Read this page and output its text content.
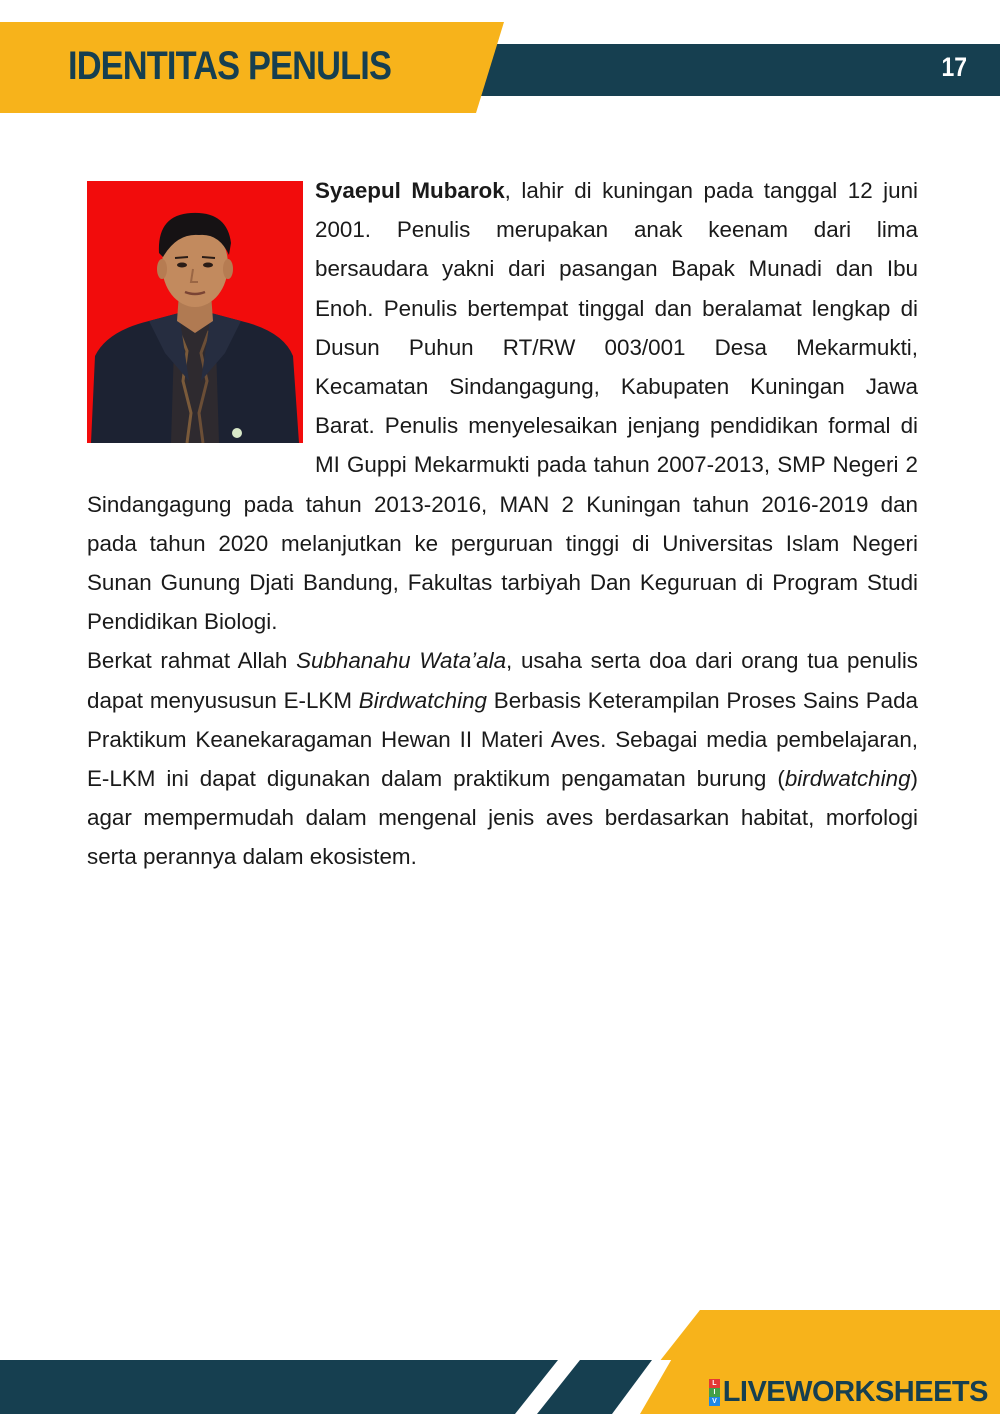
IDENTITAS PENULIS	17

Syaepul Mubarok, lahir di kuningan pada tanggal 12 juni 2001. Penulis merupakan anak keenam dari lima bersaudara yakni dari pasangan Bapak Munadi dan Ibu Enoh. Penulis bertempat tinggal dan beralamat lengkap di Dusun Puhun RT/RW 003/001 Desa Mekarmukti, Kecamatan Sindangagung, Kabupaten Kuningan Jawa Barat. Penulis menyelesaikan jenjang pendidikan formal di MI Guppi Mekarmukti pada tahun 2007-2013, SMP Negeri 2 Sindangagung pada tahun 2013-2016, MAN 2 Kuningan tahun 2016-2019 dan pada tahun 2020 melanjutkan ke perguruan tinggi di Universitas Islam Negeri Sunan Gunung Djati Bandung, Fakultas tarbiyah Dan Keguruan di Program Studi Pendidikan Biologi.

Berkat rahmat Allah Subhanahu Wata’ala, usaha serta doa dari orang tua penulis dapat menyususun E-LKM Birdwatching Berbasis Keterampilan Proses Sains Pada Praktikum Keanekaragaman Hewan II Materi Aves. Sebagai media pembelajaran, E-LKM ini dapat digunakan dalam praktikum pengamatan burung (birdwatching) agar mempermudah dalam mengenal jenis aves berdasarkan habitat, morfologi serta perannya dalam ekosistem.

L
I
V LIVEWORKSHEETS
